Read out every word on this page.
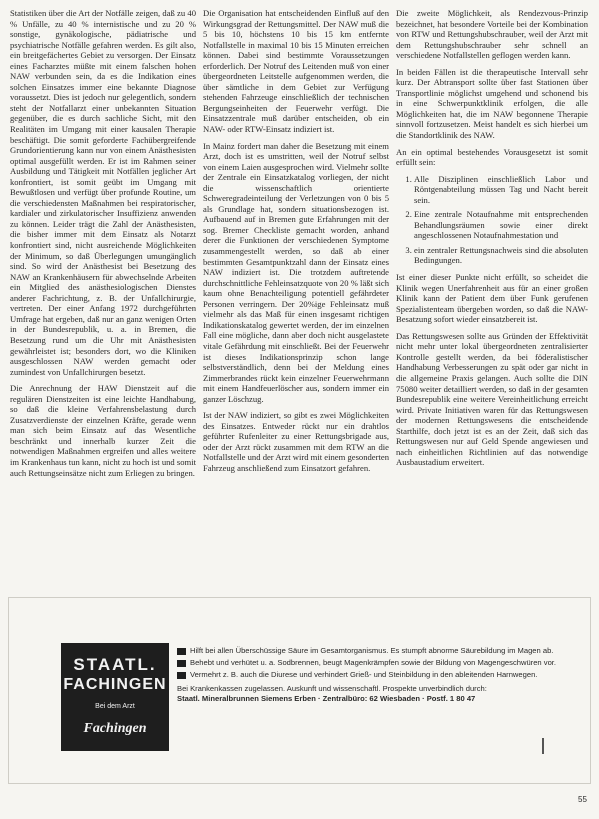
Statistiken über die Art der Notfälle zeigen, daß zu 40 % Unfälle, zu 40 % internistische und zu 20 % sonstige, gynäkologische, pädiatrische und psychiatrische Notfälle gefahren werden. Es gilt also, ein breitgefächertes Gebiet zu versorgen. Der Einsatz eines Facharztes müßte mit einem falschen hohen NAW verbunden sein, da es die Indikation eines solchen Einsatzes immer eine bekannte Diagnose voraussetzt. Dies ist jedoch nur gelegentlich, sondern steht der Notfallarzt einer unbekannten Situation gegenüber, die es durch sachliche Sicht, mit den Realitäten im Umgang mit einer kausalen Therapie beschäftigt. Die somit geforderte Fachübergreifende Grundorientierung kann nur von einem Anästhesisten optimal ausgefüllt werden. Er ist im Rahmen seiner Ausbildung und Tätigkeit mit Notfällen jeglicher Art konfrontiert, ist somit geübt im Umgang mit Bewußtlosen und verfügt über profunde Routine, um die verschiedensten Maßnahmen bei respiratorischer, kardialer und zirkulatorischer Insuffizienz anwenden zu können. Leider trägt die Zahl der Anästhesisten, die bisher immer mit dem Einsatz als Notarzt konfrontiert sind, nicht ausreichende Möglichkeiten der Minimum, so daß Überlegungen umungänglich sind. So wird der Anästhesist bei Besetzung des NAW an Krankenhäusern für abwechselnde Arbeiten ein Mitglied des anästhesiologischen Dienstes anderer Fachrichtung, z. B. der Unfallchirurgie, vertreten. Der einer Anfang 1972 durchgeführten Umfrage hat ergeben, daß nur an ganz wenigen Orten in der Bundesrepublik, u. a. in Bremen, die Besetzung rund um die Uhr mit Anästhesisten gewährleistet ist; besonders dort, wo die Kliniken ausgeschlossen NAW werden gemacht oder zumindest von Unfallchirurgen besetzt.

Die Anrechnung der HAW Dienstzeit auf die regulären Dienstzeiten ist eine leichte Handhabung, so daß die kleine Verfahrensbelastung durch Zusatzverdienste der einzelnen Kräfte, gerade wenn man sich beim Einsatz auf das Wesentliche beschränkt und innerhalb kurzer Zeit die notwendigen Maßnahmen ergreifen und alles weitere im Krankenhaus tun kann, nicht zu hoch ist und somit auch Rettungseinsätze nicht zum Erliegen zu bringen.

Die Organisation hat entscheidenden Einfluß auf den Wirkungsgrad der Rettungsmittel. Der NAW muß die 5 bis 10, höchstens 10 bis 15 km entfernte Notfallstelle in maximal 10 bis 15 Minuten erreichen können. Dabei sind bestimmte Voraussetzungen erforderlich. Der Notruf des Leitenden muß von einer übergeordneten Leitstelle aufgenommen werden, die über sämtliche in dem Gebiet zur Verfügung stehenden Fahrzeuge einschließlich der technischen Bergungseinheiten der Feuerwehr verfügt. Die Einsatzzentrale muß darüber entscheiden, ob ein NAW- oder RTW-Einsatz indiziert ist.

In Mainz fordert man daher die Besetzung mit einem Arzt, doch ist es umstritten, weil der Notruf selbst von einem Laien ausgesprochen wird. Vielmehr sollte der Zentrale ein Einsatzkatalog vorliegen, der nicht die wissenschaftlich orientierte Schweregradeinteilung der Verletzungen von 0 bis 5 als Grundlage hat, sondern situationsbezogen ist. Aufbauend auf in Bremen gute Erfahrungen mit der sog. Bremer Checkliste gemacht worden, anhand derer die Funktionen der verschiedenen Symptome zusammengestellt werden, so daß ab einer bestimmten Gesamtpunktzahl dann der Einsatz eines NAW indiziert ist. Die trotzdem auftretende durchschnittliche Fehleinsatzquote von 20 % läßt sich kaum ohne Benachteiligung potentiell gefährdeter Personen verringern. Der 20%ige Fehleinsatz muß vielmehr als das Maß für einen insgesamt richtigen Indikationskatalog gewertet werden, der im einzelnen Fall eine mögliche, dann aber doch nicht ausgelastete vitale Gefährdung mit einschließt. Bei der Feuerwehr ist dieses Indikationsprinzip schon lange selbstverständlich, denn bei der Meldung eines Zimmerbrandes rückt kein einzelner Feuerwehrmann mit einem Handfeuerlöscher aus, sondern immer ein ganzer Löschzug.

Ist der NAW indiziert, so gibt es zwei Möglichkeiten des Einsatzes. Entweder rückt nur ein drahtlos geführter Rufenleiter zu einer Rettungsbrigade aus, oder der Arzt rückt zusammen mit dem RTW an die Notfallstelle und der Arzt wird mit einem gesonderten Fahrzeug anschließend zum Einsatzort gefahren.

Die zweite Möglichkeit, als Rendezvous-Prinzip bezeichnet, hat besondere Vorteile bei der Kombination von RTW und Rettungshubschrauber, weil der Arzt mit dem Rettungshubschrauber sehr schnell an verschiedene Notfallstellen geflogen werden kann.

In beiden Fällen ist die therapeutische Intervall sehr kurz. Der Abtransport sollte über fast Stationen über Transportlinie möglichst umgehend und schonend bis in eine Schwerpunktklinik erfolgen, die alle Möglichkeiten hat, die im NAW begonnene Therapie sinnvoll fortzusetzen. Meist handelt es sich hierbei um die Standortklinik des NAW.

An ein optimal bestehendes Vorausgesetzt ist somit erfüllt sein:

1. Alle Disziplinen einschließlich Labor und Röntgenabteilung müssen Tag und Nacht bereit sein.
2. Eine zentrale Notaufnahme mit entsprechenden Behandlungsräumen sowie einer direkt angeschlossenen Notaufnahmestation und
3. ein zentraler Rettungsnachweis sind die absoluten Bedingungen.

Ist einer dieser Punkte nicht erfüllt, so scheidet die Klinik wegen Unerfahrenheit aus für an einer großen Klinik kann der Patient dem über Funk gerufenen Spezialistenteam übergeben worden, so daß die NAW-Besatzung sofort wieder einsatzbereit ist.

Das Rettungswesen sollte aus Gründen der Effektivität nicht mehr unter lokal übergeordneten zentralisierter Kontrolle gestellt werden, da bei föderalistischer Handhabung Verbesserungen zu spät oder gar nicht in die allgemeine Praxis gelangen. Auch sollte die DIN 75080 weiter detailliert werden, so daß in der gesamten Bundesrepublik eine weitere Vereinheitlichung erreicht wird. Private Initiativen waren für das Rettungswesen der modernen Rettungswesens die entscheidende Starthilfe, doch jetzt ist es an der Zeit, daß sich das Rettungswesen nur auf Geld Spende angewiesen und nach einheitlichen Richtlinien auf das notwendige Ausbaustadium erweitert.

STAATL.
FACHINGEN
Bei dem Arzt
Fachingen
Hilft bei allen Überschüssige Säure im Gesamtorganismus. Es stumpft abnorme Säurebildung im Magen ab.
Behebt und verhütet u. a. Sodbrennen, beugt Magenkrämpfen sowie der Bildung von Magengeschwüren vor.
Vermehrt z. B. auch die Diurese und verhindert Grieß- und Steinbildung in den ableitenden Harnwegen.
Bei Krankenkassen zugelassen. Auskunft und wissenschaftl. Prospekte unverbindlich durch:
Staatl. Mineralbrunnen Siemens Erben · Zentralbüro: 62 Wiesbaden · Postf. 1 80 47
55
